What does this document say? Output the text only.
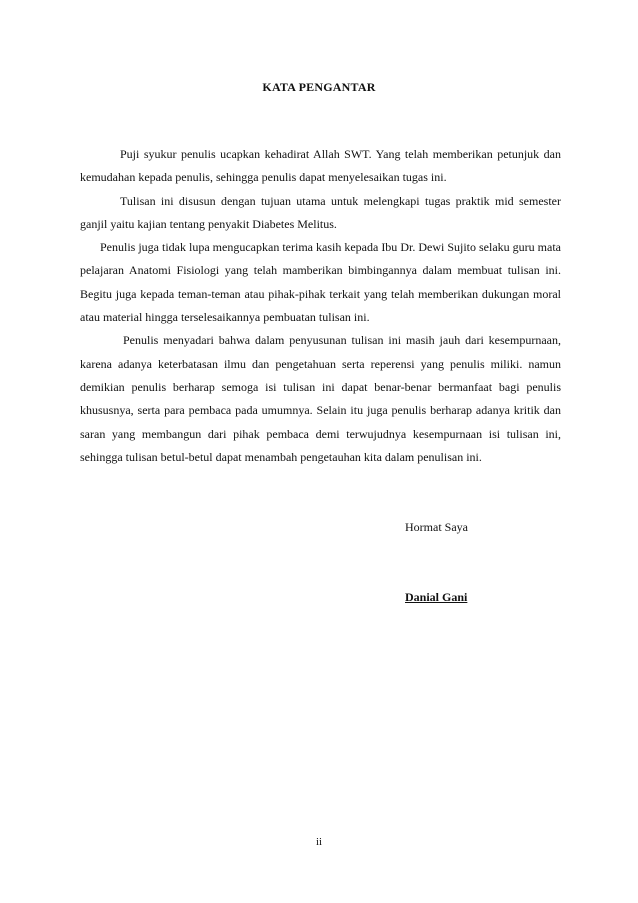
KATA PENGANTAR

Puji syukur penulis ucapkan kehadirat Allah SWT. Yang telah memberikan petunjuk dan kemudahan kepada penulis, sehingga penulis dapat menyelesaikan tugas ini.

Tulisan ini disusun dengan tujuan utama untuk melengkapi tugas praktik mid semester ganjil yaitu kajian tentang penyakit Diabetes Melitus.

Penulis juga tidak lupa mengucapkan terima kasih kepada Ibu Dr. Dewi Sujito selaku guru mata pelajaran Anatomi Fisiologi yang telah mamberikan bimbingannya dalam membuat tulisan ini. Begitu juga kepada teman-teman atau pihak-pihak terkait yang telah memberikan dukungan moral atau material hingga terselesaikannya pembuatan tulisan ini.

Penulis menyadari bahwa dalam penyusunan tulisan ini masih jauh dari kesempurnaan, karena adanya keterbatasan ilmu dan pengetahuan serta reperensi yang penulis miliki. namun demikian penulis berharap semoga isi tulisan ini dapat benar-benar bermanfaat bagi penulis khususnya, serta para pembaca pada umumnya. Selain itu juga penulis berharap adanya kritik dan saran yang membangun dari pihak pembaca demi terwujudnya kesempurnaan isi tulisan ini, sehingga tulisan betul-betul dapat menambah pengetauhan kita dalam penulisan ini.

Hormat Saya
Danial Gani
ii
